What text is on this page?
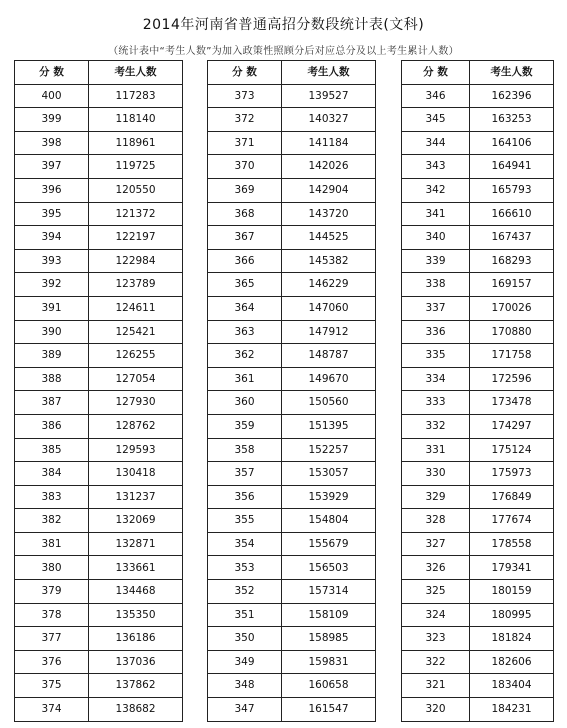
2014年河南省普通高招分数段统计表(文科)
（统计表中“考生人数”为加入政策性照顾分后对应总分及以上考生累计人数）
分 数	考生人数
400	117283
399	118140
398	118961
397	119725
396	120550
395	121372
394	122197
393	122984
392	123789
391	124611
390	125421
389	126255
388	127054
387	127930
386	128762
385	129593
384	130418
383	131237
382	132069
381	132871
380	133661
379	134468
378	135350
377	136186
376	137036
375	137862
374	138682
分 数	考生人数
373	139527
372	140327
371	141184
370	142026
369	142904
368	143720
367	144525
366	145382
365	146229
364	147060
363	147912
362	148787
361	149670
360	150560
359	151395
358	152257
357	153057
356	153929
355	154804
354	155679
353	156503
352	157314
351	158109
350	158985
349	159831
348	160658
347	161547
分 数	考生人数
346	162396
345	163253
344	164106
343	164941
342	165793
341	166610
340	167437
339	168293
338	169157
337	170026
336	170880
335	171758
334	172596
333	173478
332	174297
331	175124
330	175973
329	176849
328	177674
327	178558
326	179341
325	180159
324	180995
323	181824
322	182606
321	183404
320	184231
